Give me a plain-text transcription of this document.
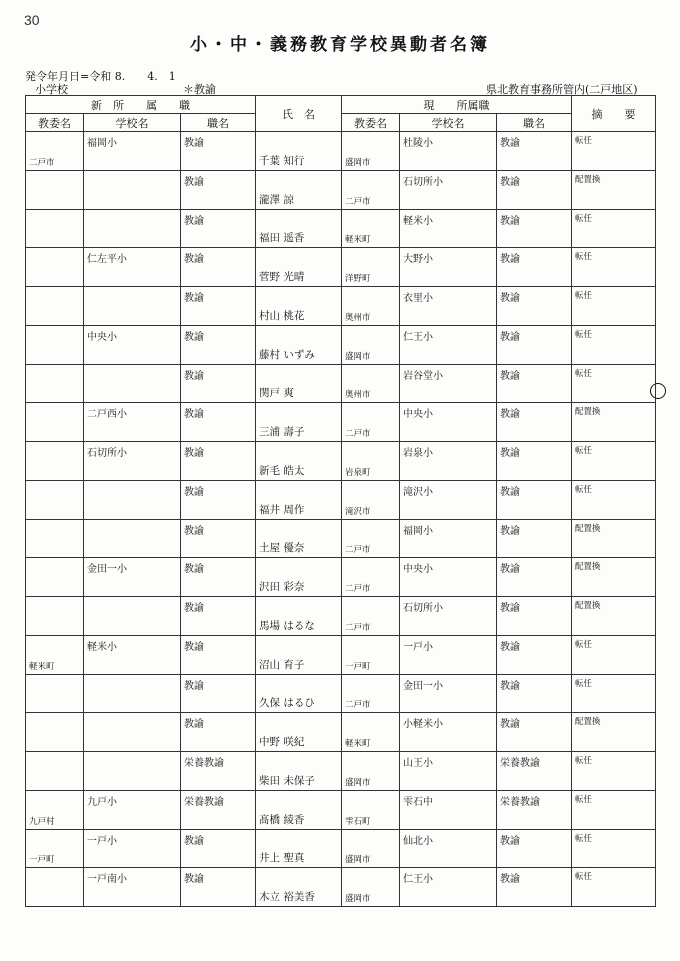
30
小・中・義務教育学校異動者名簿
発令年月日=令和 8.　　4.　1
小学校	＊教諭	県北教育事務所管内(二戸地区)
新　所　　属　　職			氏　名	現　　所属職			摘　　要
教委名	学校名	職名		教委名	学校名	職名	

二戸市	福岡小	教諭	千葉 知行	盛岡市	杜陵小	教諭	転任

		教諭	瀧澤 諒	二戸市	石切所小	教諭	配置換

		教諭	福田 遥香	軽米町	軽米小	教諭	転任

	仁左平小	教諭	菅野 光晴	洋野町	大野小	教諭	転任

		教諭	村山 桃花	奥州市	衣里小	教諭	転任

	中央小	教諭	藤村 いずみ	盛岡市	仁王小	教諭	転任

		教諭	関戸 爽	奥州市	岩谷堂小	教諭	転任

	二戸西小	教諭	三浦 壽子	二戸市	中央小	教諭	配置換

	石切所小	教諭	新毛 皓太	岩泉町	岩泉小	教諭	転任

		教諭	福井 周作	滝沢市	滝沢小	教諭	転任

		教諭	土屋 優奈	二戸市	福岡小	教諭	配置換

	金田一小	教諭	沢田 彩奈	二戸市	中央小	教諭	配置換

		教諭	馬場 はるな	二戸市	石切所小	教諭	配置換

軽米町	軽米小	教諭	沼山 育子	一戸町	一戸小	教諭	転任

		教諭	久保 はるひ	二戸市	金田一小	教諭	転任

		教諭	中野 咲紀	軽米町	小軽米小	教諭	配置換

		栄養教諭	柴田 未保子	盛岡市	山王小	栄養教諭	転任

九戸村	九戸小	栄養教諭	髙橋 綾香	雫石町	雫石中	栄養教諭	転任

一戸町	一戸小	教諭	井上 聖真	盛岡市	仙北小	教諭	転任

	一戸南小	教諭	木立 裕美香	盛岡市	仁王小	教諭	転任
